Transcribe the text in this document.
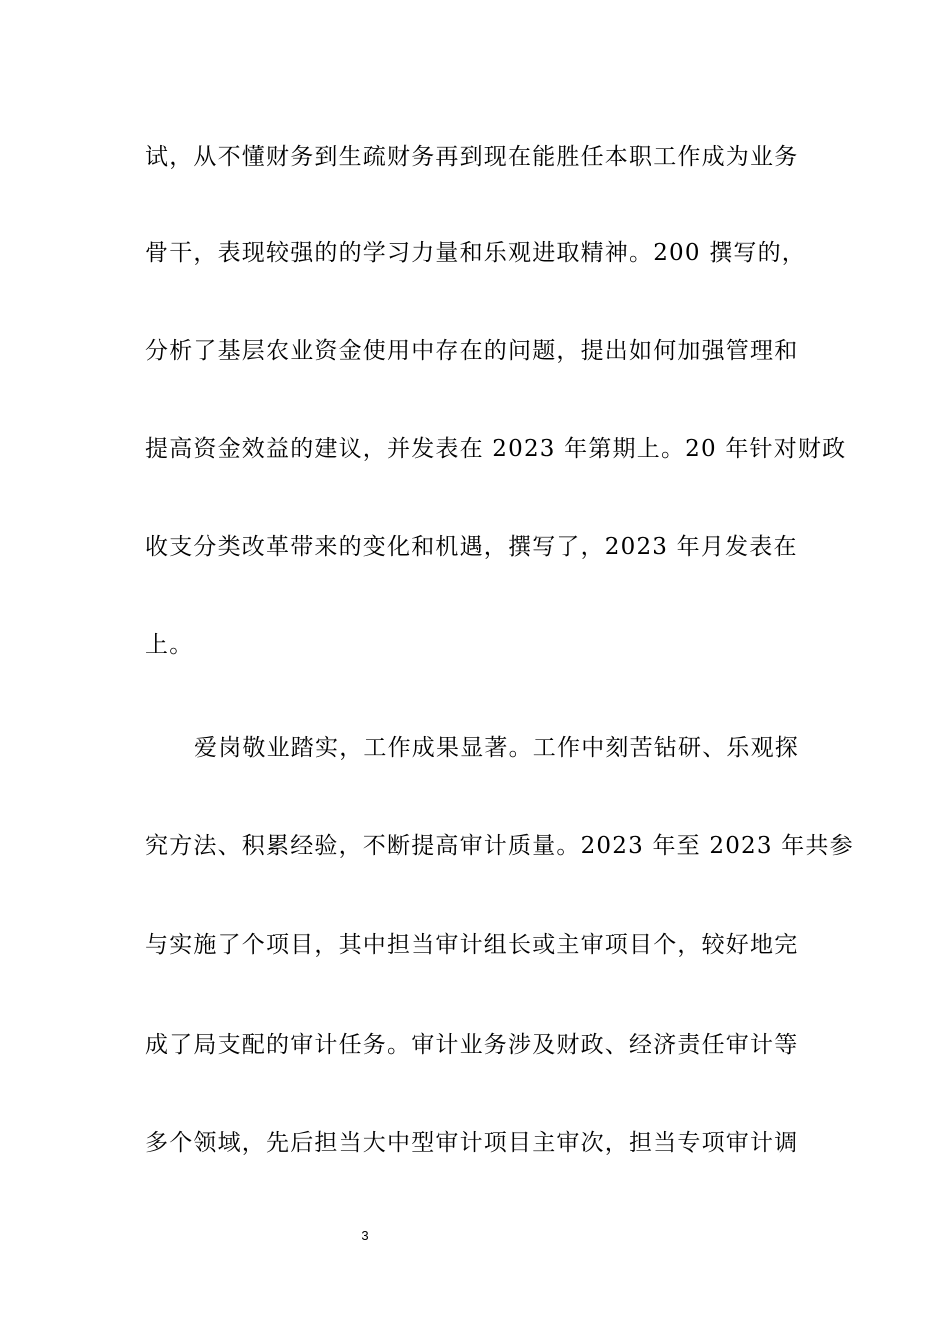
试，从不懂财务到生疏财务再到现在能胜任本职工作成为业务
骨干，表现较强的的学习力量和乐观进取精神。200 撰写的，
分析了基层农业资金使用中存在的问题，提出如何加强管理和
提高资金效益的建议，并发表在 2023 年第期上。20 年针对财政
收支分类改革带来的变化和机遇，撰写了，2023 年月发表在
上。
爱岗敬业踏实，工作成果显著。工作中刻苦钻研、乐观探
究方法、积累经验，不断提高审计质量。2023 年至 2023 年共参
与实施了个项目，其中担当审计组长或主审项目个，较好地完
成了局支配的审计任务。审计业务涉及财政、经济责任审计等
多个领域，先后担当大中型审计项目主审次，担当专项审计调
3
